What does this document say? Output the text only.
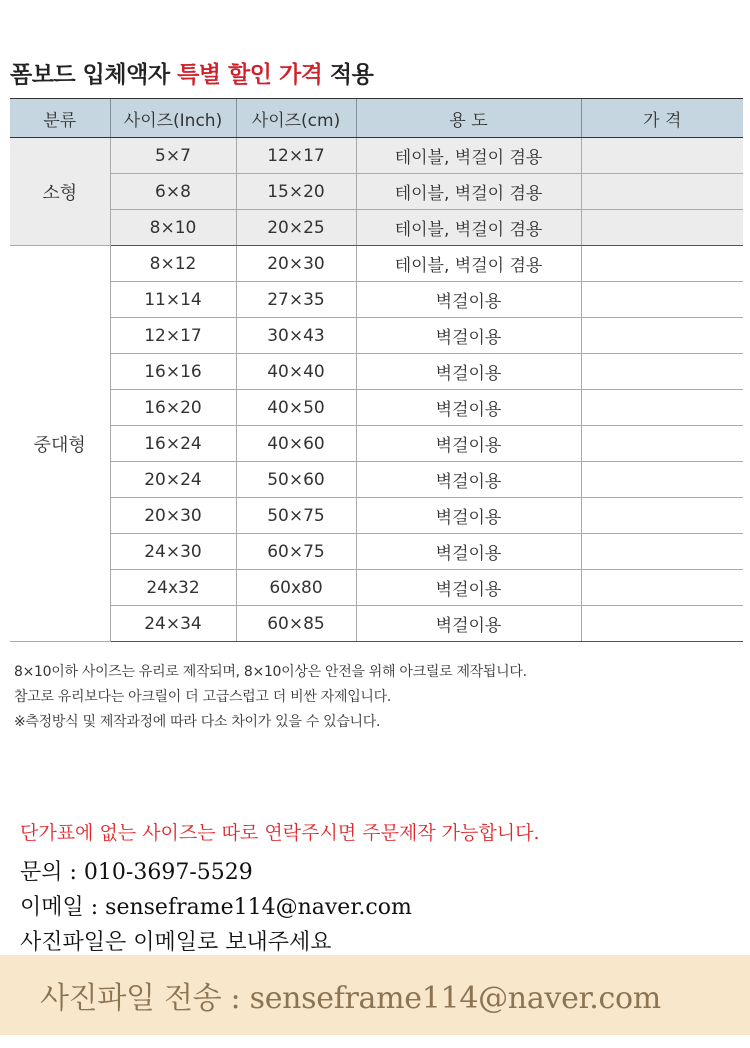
폼보드 입체액자 특별 할인 가격 적용
분류	사이즈(Inch)	사이즈(cm)	용 도	가 격
소형	5×7	12×17	테이블, 벽걸이 겸용	
	6×8	15×20	테이블, 벽걸이 겸용	
	8×10	20×25	테이블, 벽걸이 겸용	
중대형	8×12	20×30	테이블, 벽걸이 겸용	
	11×14	27×35	벽걸이용	
	12×17	30×43	벽걸이용	
	16×16	40×40	벽걸이용	
	16×20	40×50	벽걸이용	
	16×24	40×60	벽걸이용	
	20×24	50×60	벽걸이용	
	20×30	50×75	벽걸이용	
	24×30	60×75	벽걸이용	
	24x32	60x80	벽걸이용	
	24×34	60×85	벽걸이용	
8×10이하 사이즈는 유리로 제작되며, 8×10이상은 안전을 위해 아크릴로 제작됩니다.
참고로 유리보다는 아크릴이 더 고급스럽고 더 비싼 자제입니다.
※측정방식 및 제작과정에 따라 다소 차이가 있을 수 있습니다.
단가표에 없는 사이즈는 따로 연락주시면 주문제작 가능합니다.
문의 : 010-3697-5529
이메일 : senseframe114@naver.com
사진파일은 이메일로 보내주세요
사진파일 전송 : senseframe114@naver.com
